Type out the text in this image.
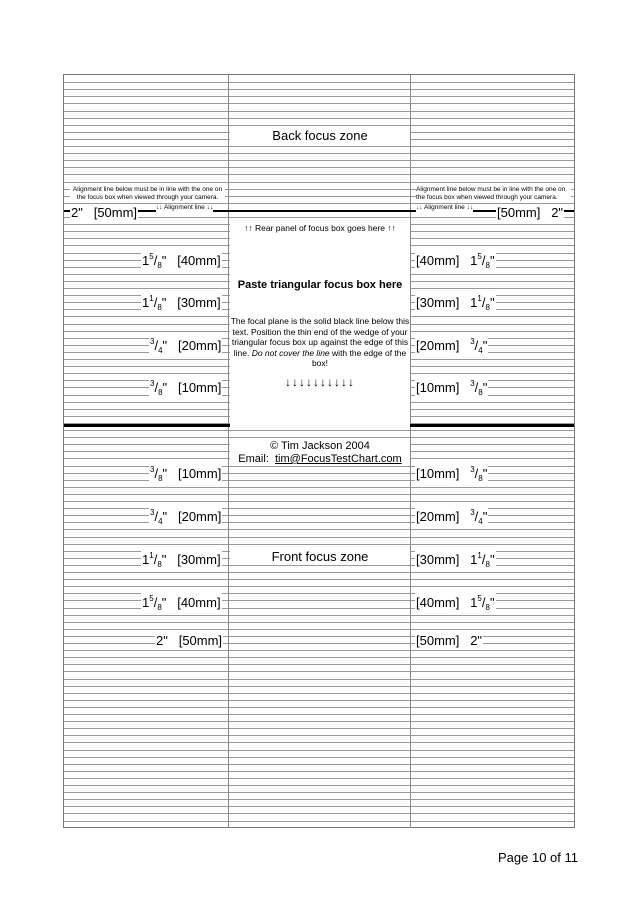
Back focus zone
Alignment line below must be in line with the one on the focus box when viewed through your camera.
Alignment line below must be in line with the one on the focus box when viewed through your camera.
↓↓ Alignment line ↓↓	↓↓ Alignment line ↓↓
2" [50mm]	[50mm] 2"
$1^5/_8$"   [40mm]
$1^1/_8$"   [30mm]
$^3/_4$"   [20mm]
$^3/_8$"   [10mm]
[40mm]   $1^5/_8$"
[30mm]   $1^1/_8$"
[20mm] $^3/_4$"
[10mm] $^3/_8$"
↑↑ Rear panel of focus box goes here ↑↑
Paste triangular focus box here
The focal plane is the solid black line below this text. Position the thin end of the wedge of your triangular focus box up against the edge of this line. Do not cover the line with the edge of the box!
↓↓↓↓↓↓↓↓↓↓
© Tim Jackson 2004
Email: tim@FocusTestChart.com
$^3/_8$"   [10mm]
$^3/_4$"   [20mm]
$1^1/_8$"   [30mm]
$1^5/_8$"   [40mm]
2" [50mm]
[10mm] $^3/_8$"
[20mm] $^3/_4$"
[30mm]   $1^1/_8$"
[40mm]   $1^5/_8$"
[50mm] 2"
Front focus zone
Page 10 of 11
